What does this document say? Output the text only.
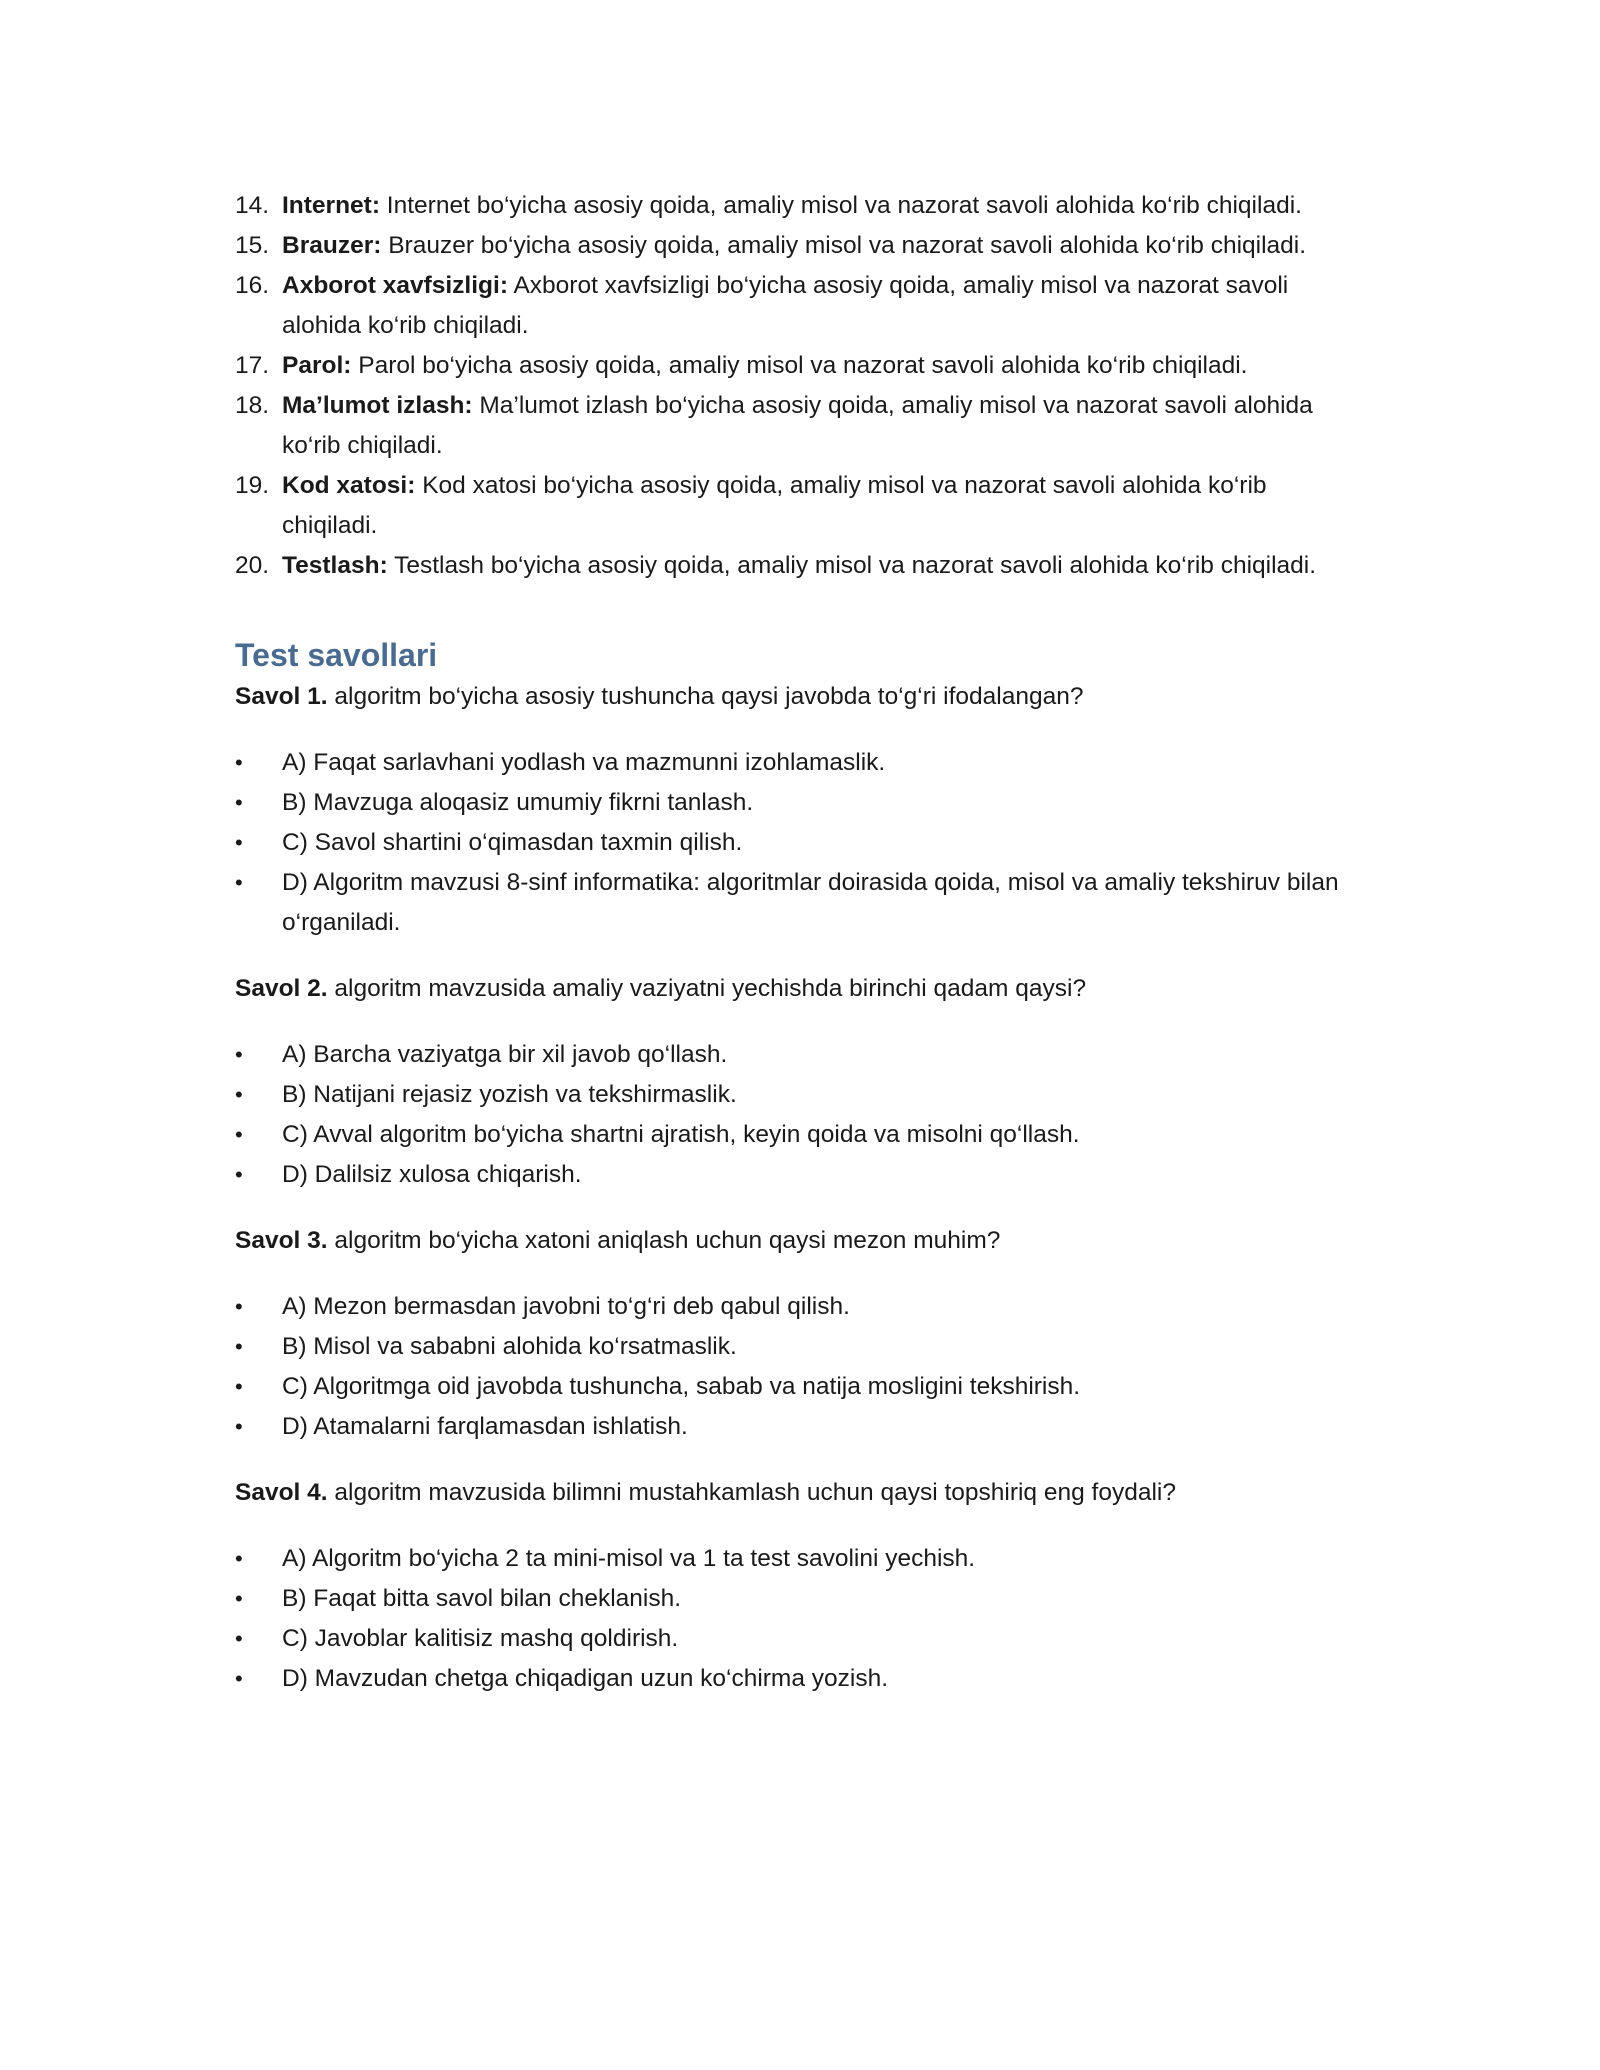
14. Internet: Internet bo‘yicha asosiy qoida, amaliy misol va nazorat savoli alohida ko‘rib chiqiladi.
15. Brauzer: Brauzer bo‘yicha asosiy qoida, amaliy misol va nazorat savoli alohida ko‘rib chiqiladi.
16. Axborot xavfsizligi: Axborot xavfsizligi bo‘yicha asosiy qoida, amaliy misol va nazorat savoli alohida ko‘rib chiqiladi.
17. Parol: Parol bo‘yicha asosiy qoida, amaliy misol va nazorat savoli alohida ko‘rib chiqiladi.
18. Ma’lumot izlash: Ma’lumot izlash bo‘yicha asosiy qoida, amaliy misol va nazorat savoli alohida ko‘rib chiqiladi.
19. Kod xatosi: Kod xatosi bo‘yicha asosiy qoida, amaliy misol va nazorat savoli alohida ko‘rib chiqiladi.
20. Testlash: Testlash bo‘yicha asosiy qoida, amaliy misol va nazorat savoli alohida ko‘rib chiqiladi.
Test savollari

Savol 1. algoritm bo‘yicha asosiy tushuncha qaysi javobda to‘g‘ri ifodalangan?

• A) Faqat sarlavhani yodlash va mazmunni izohlamaslik.
• B) Mavzuga aloqasiz umumiy fikrni tanlash.
• C) Savol shartini o‘qimasdan taxmin qilish.
• D) Algoritm mavzusi 8-sinf informatika: algoritmlar doirasida qoida, misol va amaliy tekshiruv bilan o‘rganiladi.

Savol 2. algoritm mavzusida amaliy vaziyatni yechishda birinchi qadam qaysi?

• A) Barcha vaziyatga bir xil javob qo‘llash.
• B) Natijani rejasiz yozish va tekshirmaslik.
• C) Avval algoritm bo‘yicha shartni ajratish, keyin qoida va misolni qo‘llash.
• D) Dalilsiz xulosa chiqarish.

Savol 3. algoritm bo‘yicha xatoni aniqlash uchun qaysi mezon muhim?

• A) Mezon bermasdan javobni to‘g‘ri deb qabul qilish.
• B) Misol va sababni alohida ko‘rsatmaslik.
• C) Algoritmga oid javobda tushuncha, sabab va natija mosligini tekshirish.
• D) Atamalarni farqlamasdan ishlatish.

Savol 4. algoritm mavzusida bilimni mustahkamlash uchun qaysi topshiriq eng foydali?

• A) Algoritm bo‘yicha 2 ta mini-misol va 1 ta test savolini yechish.
• B) Faqat bitta savol bilan cheklanish.
• C) Javoblar kalitisiz mashq qoldirish.
• D) Mavzudan chetga chiqadigan uzun ko‘chirma yozish.
